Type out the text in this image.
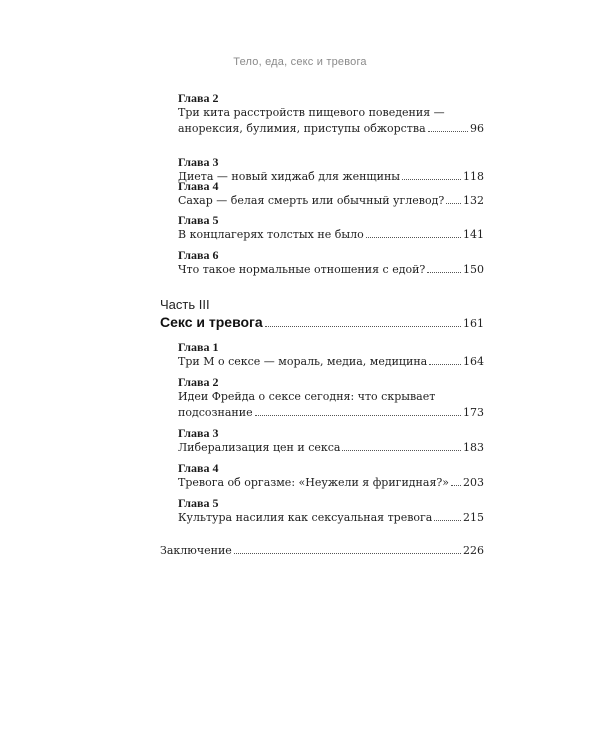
Тело, еда, секс и тревога
Глава 2
Три кита расстройств пищевого поведения —
анорексия, булимия, приступы обжорства	96
Глава 3
Диета — новый хиджаб для женщины	118
Глава 4
Сахар — белая смерть или обычный углевод? 132
Глава 5
В концлагерях толстых не было	141
Глава 6
Что такое нормальные отношения с едой?	150
Часть III
Секс и тревога	161
Глава 1
Три М о сексе — мораль, медиа, медицина	164
Глава 2
Идеи Фрейда о сексе сегодня: что скрывает
подсознание	173
Глава 3
Либерализация цен и секса	183
Глава 4
Тревога об оргазме: «Неужели я фригидная?» 203
Глава 5
Культура насилия как сексуальная тревога	215
Заключение	226
